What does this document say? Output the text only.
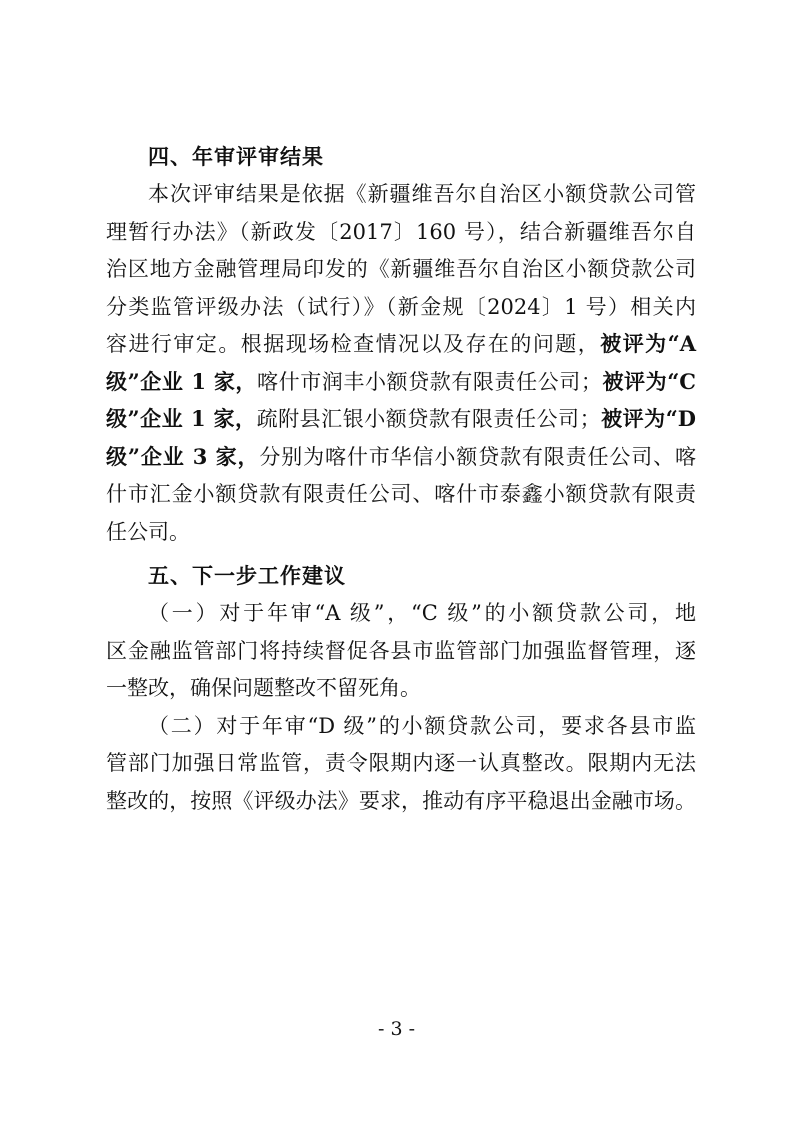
四、年审评审结果
本次评审结果是依据《新疆维吾尔自治区小额贷款公司管
理暂行办法》（新政发〔2017〕160 号），结合新疆维吾尔自
治区地方金融管理局印发的《新疆维吾尔自治区小额贷款公司
分类监管评级办法（试行）》（新金规〔2024〕1 号）相关内
容进行审定。根据现场检查情况以及存在的问题，被评为“A
级”企业 1 家，喀什市润丰小额贷款有限责任公司；被评为“C
级”企业 1 家，疏附县汇银小额贷款有限责任公司；被评为“D
级”企业 3 家，分别为喀什市华信小额贷款有限责任公司、喀
什市汇金小额贷款有限责任公司、喀什市泰鑫小额贷款有限责
任公司。
五、下一步工作建议
（一）对于年审“A 级”，“C 级”的小额贷款公司，地
区金融监管部门将持续督促各县市监管部门加强监督管理，逐
一整改，确保问题整改不留死角。
（二）对于年审“D 级”的小额贷款公司，要求各县市监
管部门加强日常监管，责令限期内逐一认真整改。限期内无法
整改的，按照《评级办法》要求，推动有序平稳退出金融市场。
- 3 -
